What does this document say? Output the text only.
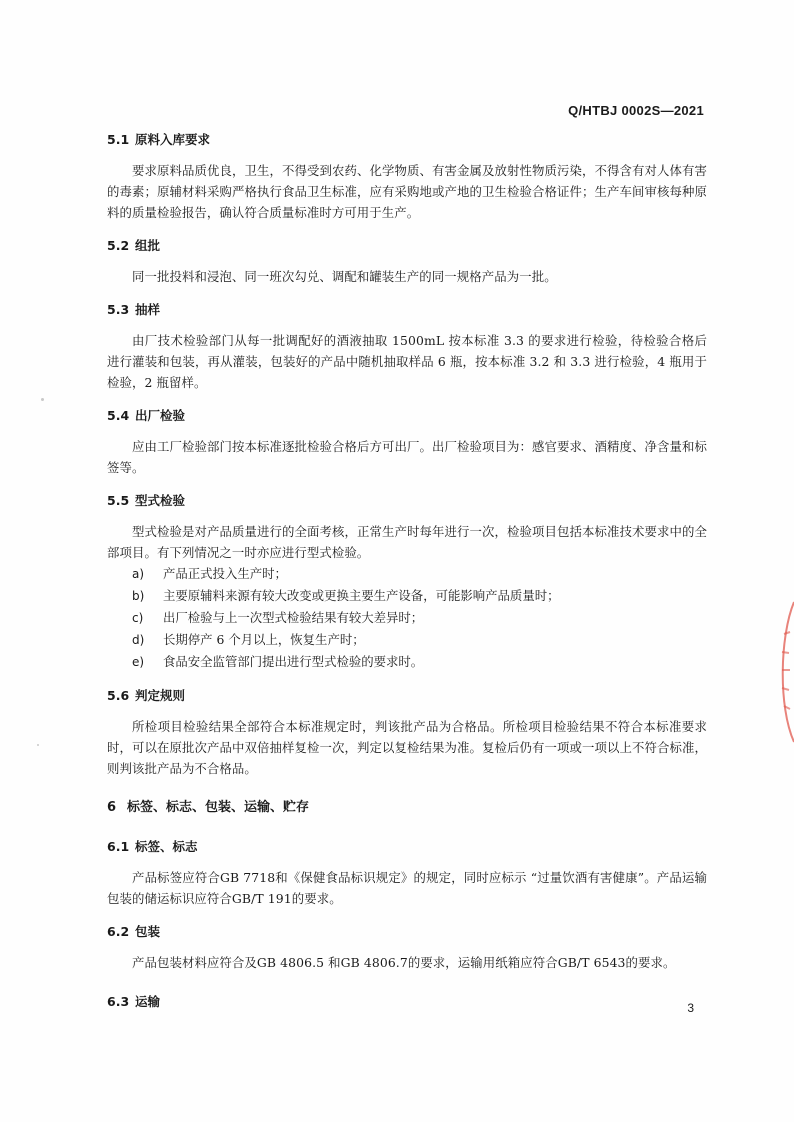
Q/HTBJ 0002S—2021
5.1 原料入库要求

要求原料品质优良，卫生，不得受到农药、化学物质、有害金属及放射性物质污染，不得含有对人体有害的毒素；原辅材料采购严格执行食品卫生标准，应有采购地或产地的卫生检验合格证件；生产车间审核每种原料的质量检验报告，确认符合质量标准时方可用于生产。

5.2 组批

同一批投料和浸泡、同一班次勾兑、调配和罐装生产的同一规格产品为一批。

5.3 抽样

由厂技术检验部门从每一批调配好的酒液抽取 1500mL 按本标准 3.3 的要求进行检验，待检验合格后进行灌装和包装，再从灌装，包装好的产品中随机抽取样品 6 瓶，按本标准 3.2 和 3.3 进行检验，4 瓶用于检验，2 瓶留样。

5.4 出厂检验

应由工厂检验部门按本标准逐批检验合格后方可出厂。出厂检验项目为：感官要求、酒精度、净含量和标签等。

5.5 型式检验

型式检验是对产品质量进行的全面考核，正常生产时每年进行一次，检验项目包括本标准技术要求中的全部项目。有下列情况之一时亦应进行型式检验。

a) 产品正式投入生产时；
b) 主要原辅料来源有较大改变或更换主要生产设备，可能影响产品质量时；
c) 出厂检验与上一次型式检验结果有较大差异时；
d) 长期停产 6 个月以上，恢复生产时；
e) 食品安全监管部门提出进行型式检验的要求时。
5.6 判定规则

所检项目检验结果全部符合本标准规定时，判该批产品为合格品。所检项目检验结果不符合本标准要求时，可以在原批次产品中双倍抽样复检一次，判定以复检结果为准。复检后仍有一项或一项以上不符合标准，则判该批产品为不合格品。

6 标签、标志、包装、运输、贮存
6.1 标签、标志

产品标签应符合GB 7718和《保健食品标识规定》的规定，同时应标示 “过量饮酒有害健康”。产品运输包装的储运标识应符合GB/T 191的要求。

6.2 包装

产品包装材料应符合及GB 4806.5 和GB 4806.7的要求，运输用纸箱应符合GB/T 6543的要求。

6.3 运输	3
